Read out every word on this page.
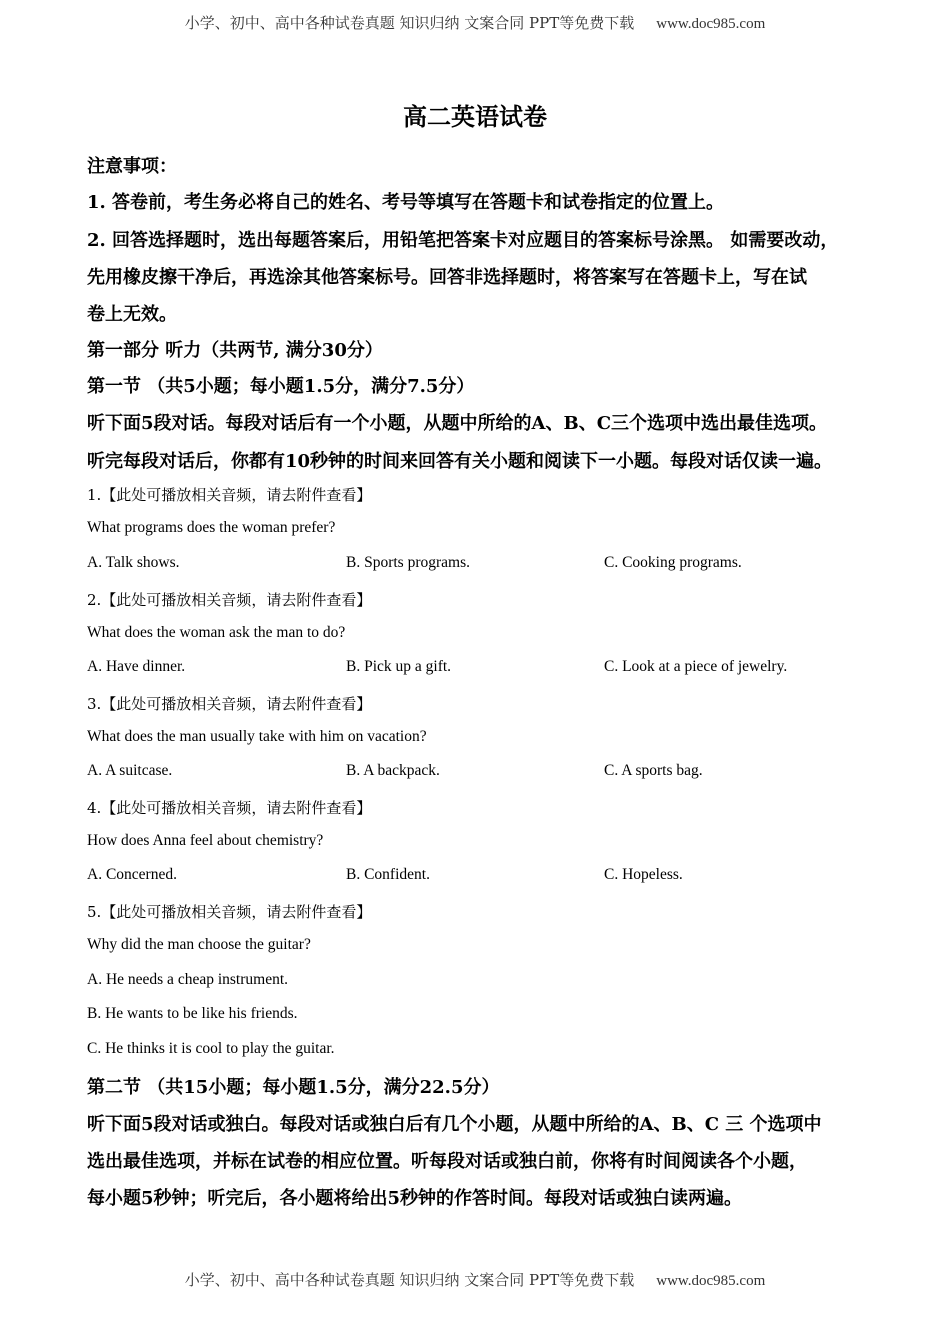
小学、初中、高中各种试卷真题 知识归纳 文案合同 PPT等免费下载 www.doc985.com
高二英语试卷
注意事项：
1. 答卷前，考生务必将自己的姓名、考号等填写在答题卡和试卷指定的位置上。
2. 回答选择题时，选出每题答案后，用铅笔把答案卡对应题目的答案标号涂黑。 如需要改动，
先用橡皮擦干净后，再选涂其他答案标号。回答非选择题时，将答案写在答题卡上，写在试
卷上无效。
第一部分 听力（共两节, 满分30分）
第一节 （共5小题；每小题1.5分，满分7.5分）
听下面5段对话。每段对话后有一个小题，从题中所给的A、B、C三个选项中选出最佳选项。
听完每段对话后，你都有10秒钟的时间来回答有关小题和阅读下一小题。每段对话仅读一遍。
1.【此处可播放相关音频，请去附件查看】
What programs does the woman prefer?
A. Talk shows.	B. Sports programs.	C. Cooking programs.
2.【此处可播放相关音频，请去附件查看】
What does the woman ask the man to do?
A. Have dinner.	B. Pick up a gift.	C. Look at a piece of jewelry.
3.【此处可播放相关音频，请去附件查看】
What does the man usually take with him on vacation?
A. A suitcase.	B. A backpack.	C. A sports bag.
4.【此处可播放相关音频，请去附件查看】
How does Anna feel about chemistry?
A. Concerned.	B. Confident.	C. Hopeless.
5.【此处可播放相关音频，请去附件查看】
Why did the man choose the guitar?
A. He needs a cheap instrument.
B. He wants to be like his friends.
C. He thinks it is cool to play the guitar.
第二节 （共15小题；每小题1.5分，满分22.5分）
听下面5段对话或独白。每段对话或独白后有几个小题，从题中所给的A、B、C 三 个选项中
选出最佳选项，并标在试卷的相应位置。听每段对话或独白前，你将有时间阅读各个小题，
每小题5秒钟；听完后，各小题将给出5秒钟的作答时间。每段对话或独白读两遍。
小学、初中、高中各种试卷真题 知识归纳 文案合同 PPT等免费下载 www.doc985.com
